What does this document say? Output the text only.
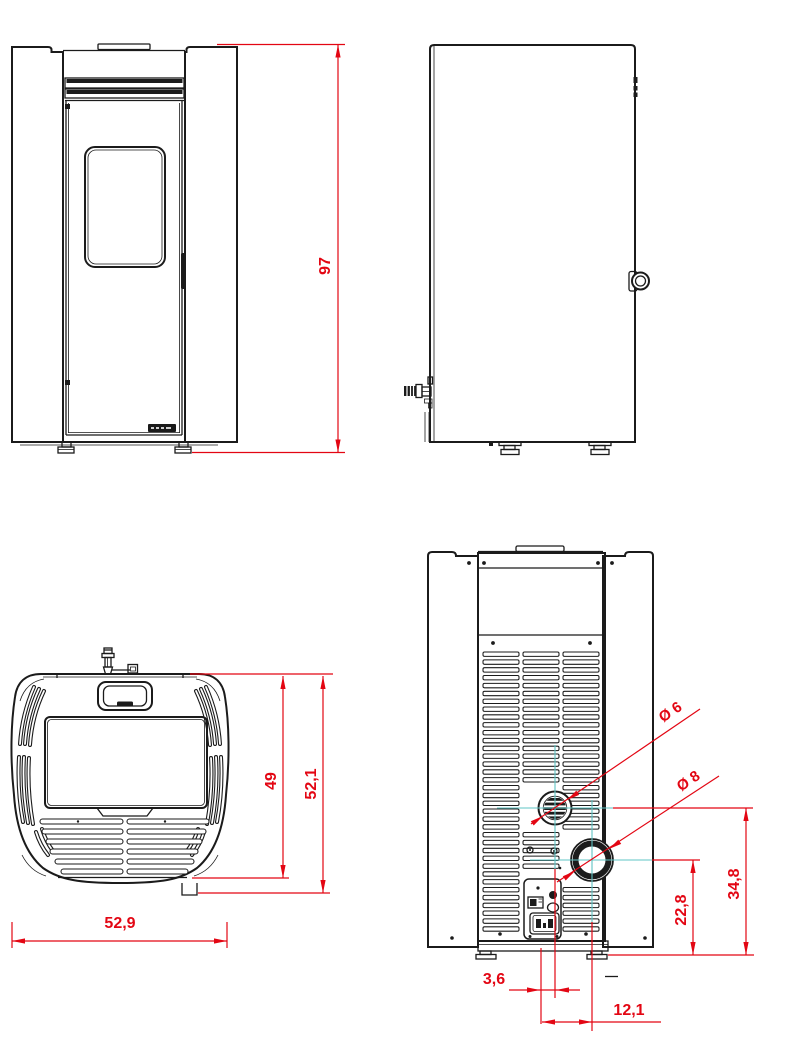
97
49 52,1
52,9
Ø 6
Ø 8
34,8
22,8
3,6
12,1
